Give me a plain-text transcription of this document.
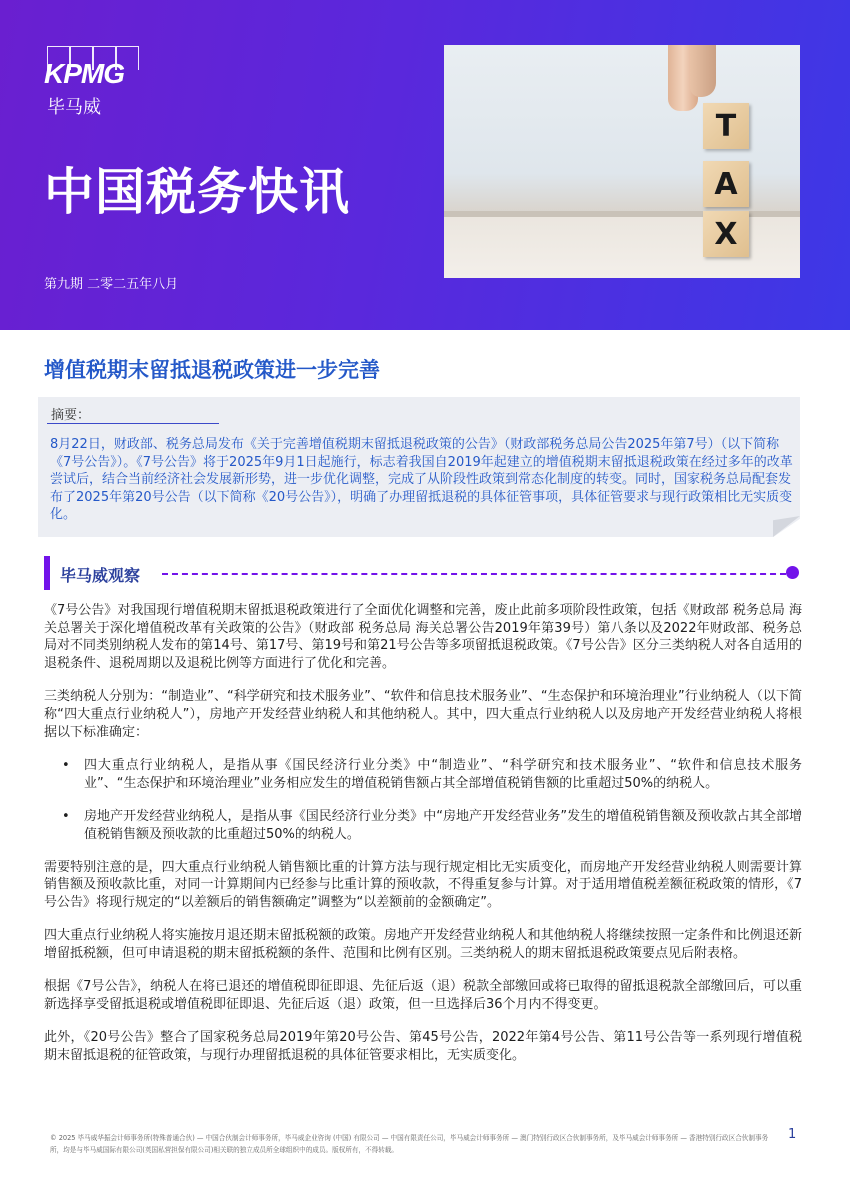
KPMG
毕马威
中国税务快讯
第九期 二零二五年八月
T
A
X
增值税期末留抵退税政策进一步完善
摘要：
8月22日，财政部、税务总局发布《关于完善增值税期末留抵退税政策的公告》（财政部税务总局公告2025年第7号）（以下简称《7号公告》）。《7号公告》将于2025年9月1日起施行，标志着我国自2019年起建立的增值税期末留抵退税政策在经过多年的改革尝试后，结合当前经济社会发展新形势，进一步优化调整，完成了从阶段性政策到常态化制度的转变。同时，国家税务总局配套发布了2025年第20号公告（以下简称《20号公告》），明确了办理留抵退税的具体征管事项，具体征管要求与现行政策相比无实质变化。
毕马威观察

《7号公告》对我国现行增值税期末留抵退税政策进行了全面优化调整和完善，废止此前多项阶段性政策，包括《财政部 税务总局 海关总署关于深化增值税改革有关政策的公告》（财政部 税务总局 海关总署公告2019年第39号）第八条以及2022年财政部、税务总局对不同类别纳税人发布的第14号、第17号、第19号和第21号公告等多项留抵退税政策。《7号公告》区分三类纳税人对各自适用的退税条件、退税周期以及退税比例等方面进行了优化和完善。

三类纳税人分别为：“制造业”、“科学研究和技术服务业”、“软件和信息技术服务业”、“生态保护和环境治理业”行业纳税人（以下简称“四大重点行业纳税人”），房地产开发经营业纳税人和其他纳税人。其中，四大重点行业纳税人以及房地产开发经营业纳税人将根据以下标准确定：

• 四大重点行业纳税人，是指从事《国民经济行业分类》中“制造业”、“科学研究和技术服务业”、“软件和信息技术服务业”、“生态保护和环境治理业”业务相应发生的增值税销售额占其全部增值税销售额的比重超过50%的纳税人。
• 房地产开发经营业纳税人，是指从事《国民经济行业分类》中“房地产开发经营业务”发生的增值税销售额及预收款占其全部增值税销售额及预收款的比重超过50%的纳税人。

需要特别注意的是，四大重点行业纳税人销售额比重的计算方法与现行规定相比无实质变化，而房地产开发经营业纳税人则需要计算销售额及预收款比重，对同一计算期间内已经参与比重计算的预收款，不得重复参与计算。对于适用增值税差额征税政策的情形，《7号公告》将现行规定的“以差额后的销售额确定”调整为“以差额前的金额确定”。

四大重点行业纳税人将实施按月退还期末留抵税额的政策。房地产开发经营业纳税人和其他纳税人将继续按照一定条件和比例退还新增留抵税额，但可申请退税的期末留抵税额的条件、范围和比例有区别。三类纳税人的期末留抵退税政策要点见后附表格。

根据《7号公告》，纳税人在将已退还的增值税即征即退、先征后返（退）税款全部缴回或将已取得的留抵退税款全部缴回后，可以重新选择享受留抵退税或增值税即征即退、先征后返（退）政策，但一旦选择后36个月内不得变更。

此外，《20号公告》整合了国家税务总局2019年第20号公告、第45号公告，2022年第4号公告、第11号公告等一系列现行增值税期末留抵退税的征管政策，与现行办理留抵退税的具体征管要求相比，无实质变化。

© 2025 毕马威华振会计师事务所(特殊普通合伙) — 中国合伙制会计师事务所，毕马威企业咨询 (中国) 有限公司 — 中国有限责任公司，毕马威会计师事务所 — 澳门特别行政区合伙制事务所，及毕马威会计师事务所 — 香港特别行政区合伙制事务所，均是与毕马威国际有限公司(英国私营担保有限公司)相关联的独立成员所全球组织中的成员。版权所有，不得转载。
1
